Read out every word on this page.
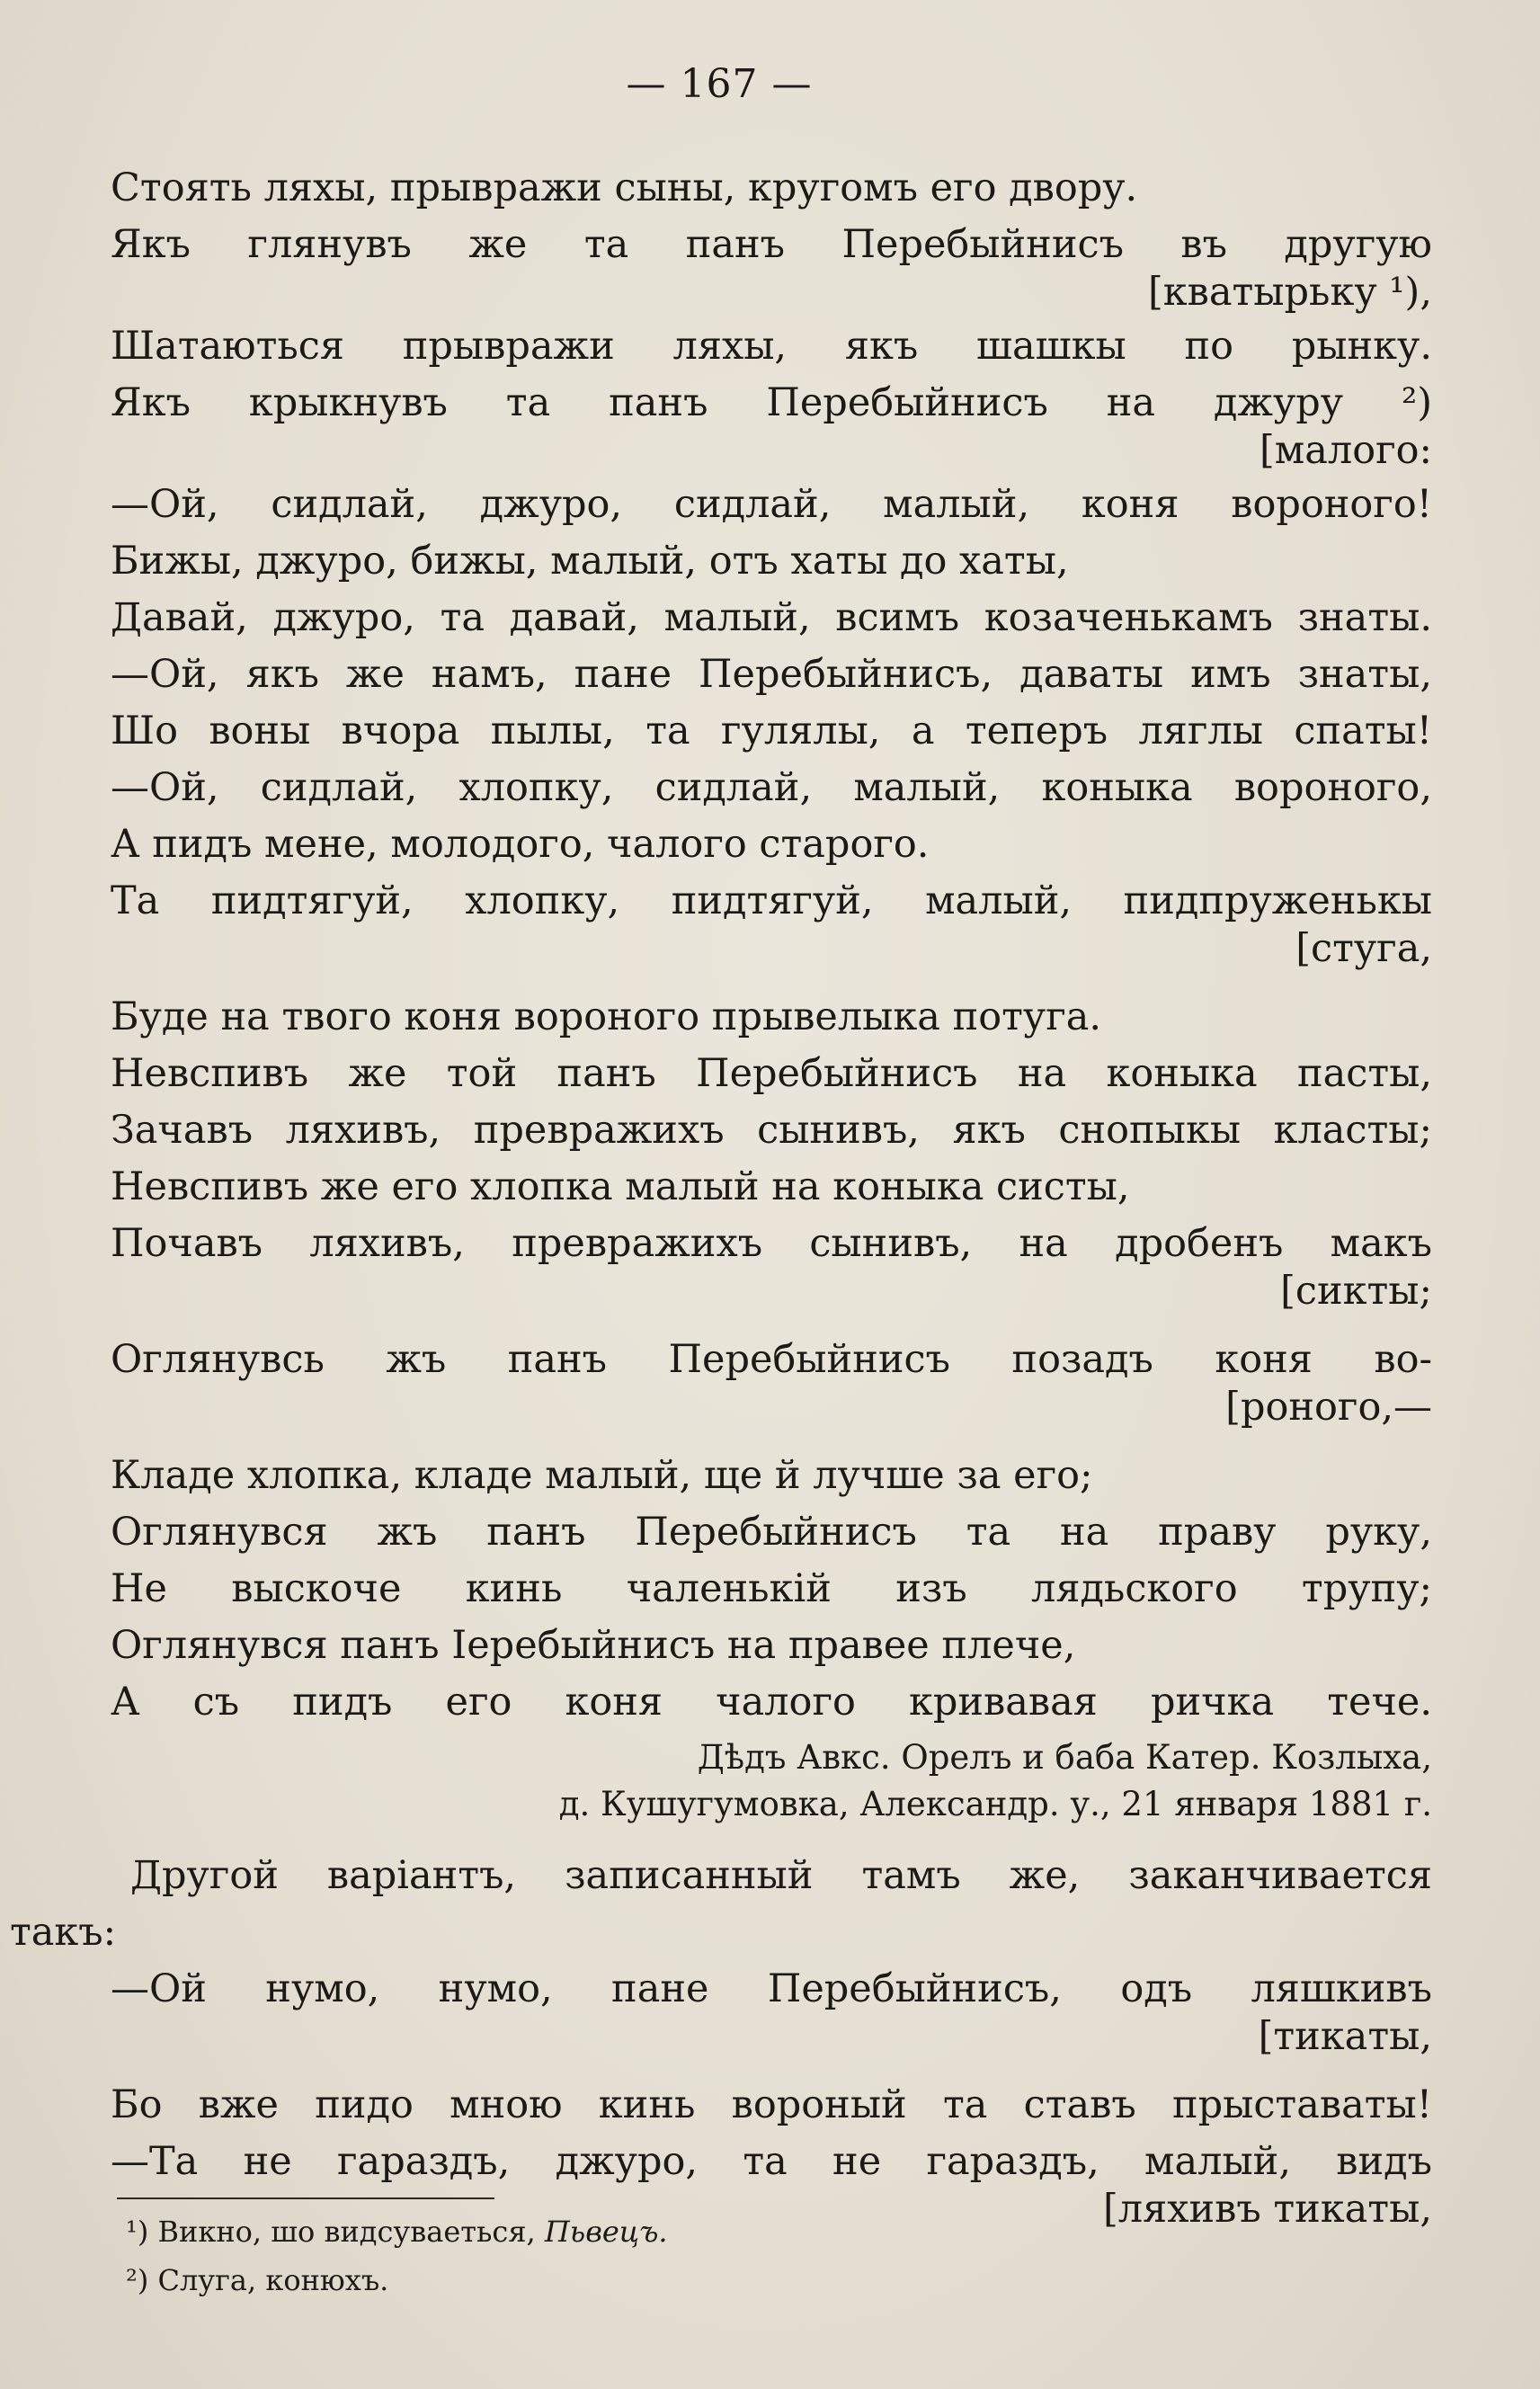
— 167 —
Стоять ляхы, прывражи сыны, кругомъ его двору.
Якъ глянувъ же та панъ Перебыйнисъ въ другую
[кватырьку ¹),
Шатаються прывражи ляхы, якъ шашкы по рынку.
Якъ крыкнувъ та панъ Перебыйнисъ на джуру ²)
[малого:
—Ой, сидлай, джуро, сидлай, малый, коня вороного!
Бижы, джуро, бижы, малый, отъ хаты до хаты,
Давай, джуро, та давай, малый, всимъ козаченькамъ знаты.
—Ой, якъ же намъ, пане Перебыйнисъ, даваты имъ знаты,
Шо воны вчора пылы, та гулялы, а теперъ ляглы спаты!
—Ой, сидлай, хлопку, сидлай, малый, коныка вороного,
А пидъ мене, молодого, чалого старого.
Та пидтягуй, хлопку, пидтягуй, малый, пидпруженькы
[стуга,
Буде на твого коня вороного прывелыка потуга.
Невспивъ же той панъ Перебыйнисъ на коныка пасты,
Зачавъ ляхивъ, превражихъ сынивъ, якъ снопыкы класты;
Невспивъ же его хлопка малый на коныка систы,
Почавъ ляхивъ, превражихъ сынивъ, на дробенъ макъ
[сикты;
Оглянувсь жъ панъ Перебыйнисъ позадъ коня во-
[роного,—
Кладе хлопка, кладе малый, ще й лучше за его;
Оглянувся жъ панъ Перебыйнисъ та на праву руку,
Не выскоче кинь чаленькій изъ лядьского трупу;
Оглянувся панъ Іеребыйнисъ на правее плече,
А съ пидъ его коня чалого кривавая ричка тече.
Дѣдъ Авкс. Орелъ и баба Катер. Козлыха,
д. Кушугумовка, Александр. у., 21 января 1881 г.
Другой варіантъ, записанный тамъ же, заканчивается
такъ:
—Ой нумо, нумо, пане Перебыйнисъ, одъ ляшкивъ
[тикаты,
Бо вже пидо мною кинь вороный та ставъ прыставаты!
—Та не гараздъ, джуро, та не гараздъ, малый, видъ
[ляхивъ тикаты,
¹) Викно, шо видсуваеться, Пьвецъ.
²) Слуга, конюхъ.
